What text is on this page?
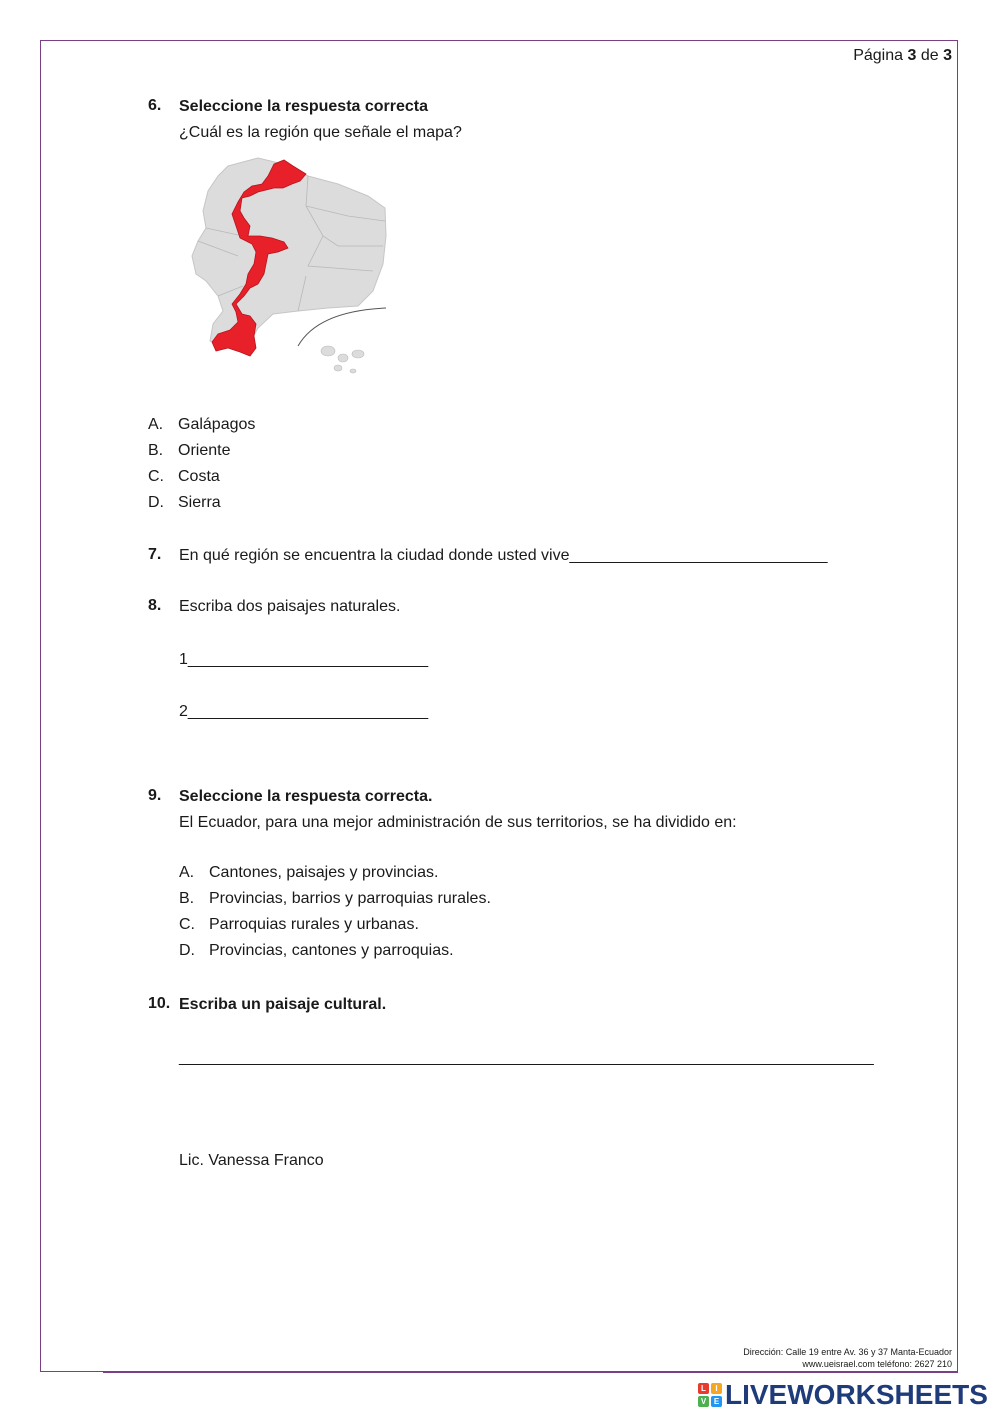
Página 3 de 3
6. Seleccione la respuesta correcta
¿Cuál es la región que señale el mapa?
A. Galápagos
B. Oriente
C. Costa
D. Sierra
7. En qué región se encuentra la ciudad donde usted vive_____________________________
8. Escriba dos paisajes naturales.
1___________________________
2___________________________
9. Seleccione la respuesta correcta.
El Ecuador, para una mejor administración de sus territorios, se ha dividido en:
A. Cantones, paisajes y provincias.
B. Provincias, barrios y parroquias rurales.
C. Parroquias rurales y urbanas.
D. Provincias, cantones y parroquias.
10. Escriba un paisaje cultural.
__________________________________________________________________________________
Lic. Vanessa Franco
Dirección: Calle 19 entre Av. 36 y 37 Manta-Ecuador
www.ueisrael.com teléfono: 2627 210
L	I
V E LIVEWORKSHEETS
